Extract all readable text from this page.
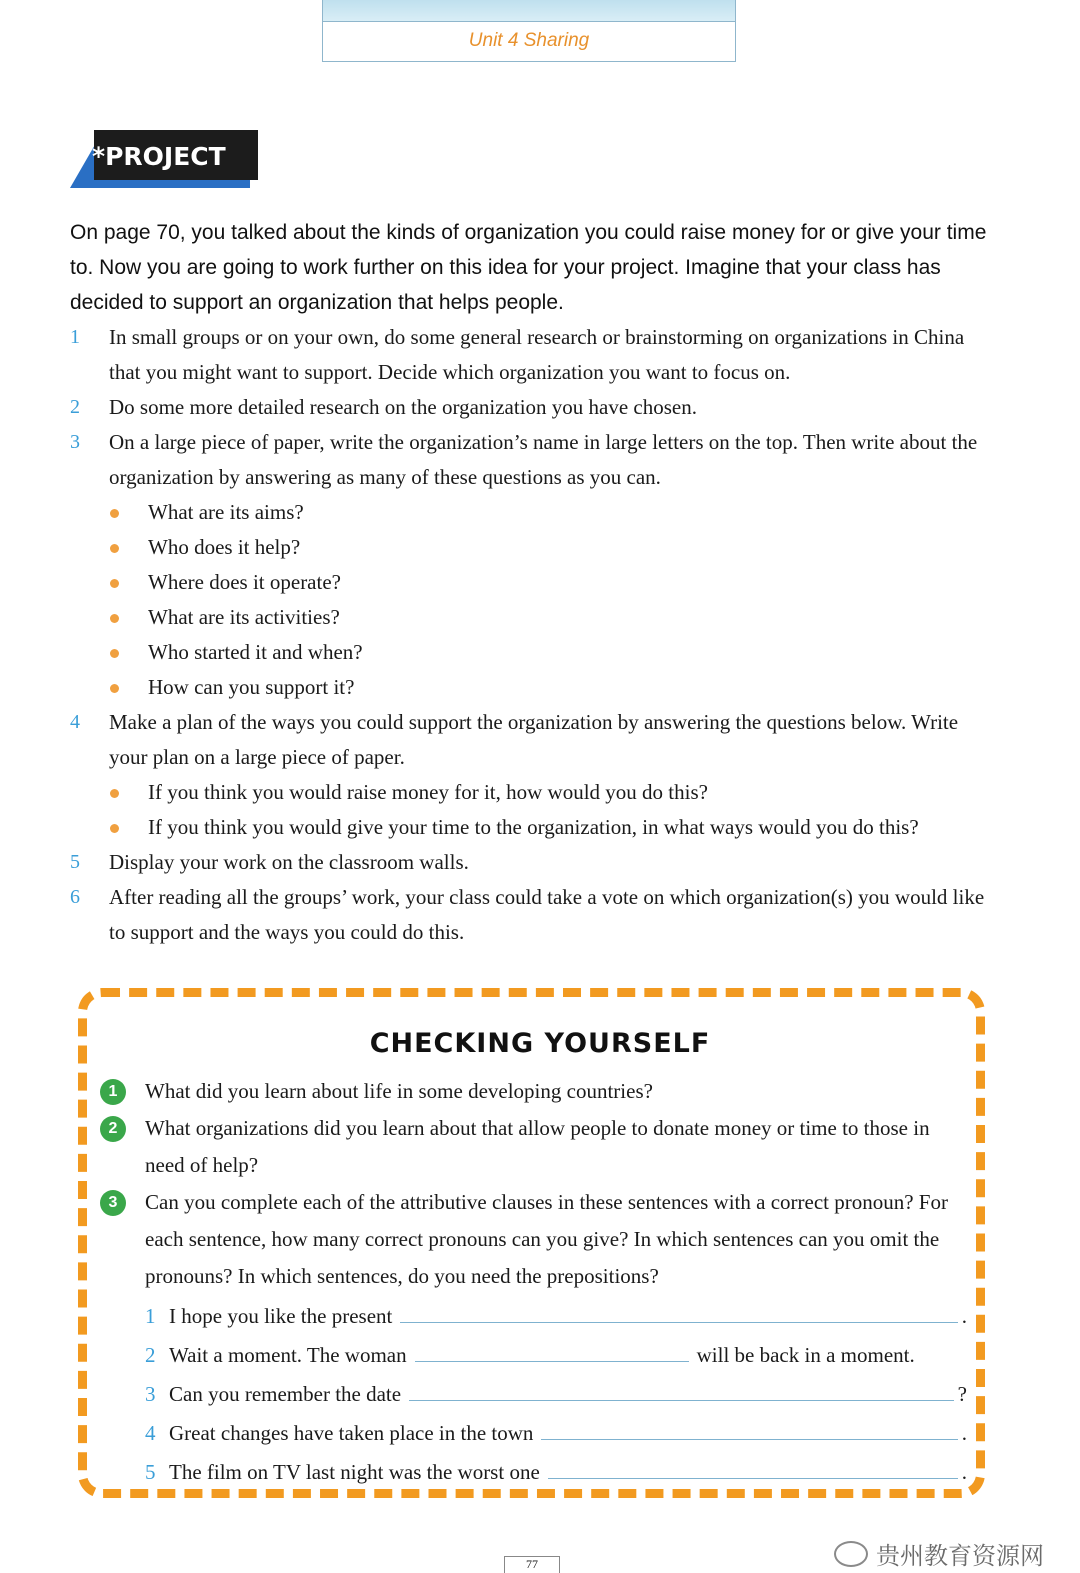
Unit 4 Sharing
*PROJECT
On page 70, you talked about the kinds of organization you could raise money for or give your time to. Now you are going to work further on this idea for your project. Imagine that your class has decided to support an organization that helps people.
1 In small groups or on your own, do some general research or brainstorming on organizations in China that you might want to support. Decide which organization you want to focus on.
2 Do some more detailed research on the organization you have chosen.
3 On a large piece of paper, write the organization’s name in large letters on the top. Then write about the organization by answering as many of these questions as you can.
What are its aims?
Who does it help?
Where does it operate?
What are its activities?
Who started it and when?
How can you support it?
4 Make a plan of the ways you could support the organization by answering the questions below. Write your plan on a large piece of paper.
If you think you would raise money for it, how would you do this?
If you think you would give your time to the organization, in what ways would you do this?
5 Display your work on the classroom walls.
6 After reading all the groups’ work, your class could take a vote on which organization(s) you would like to support and the ways you could do this.
CHECKING YOURSELF
1	What did you learn about life in some developing countries?
2	What organizations did you learn about that allow people to donate money or time to those in need of help?
3	Can you complete each of the attributive clauses in these sentences with a correct pronoun? For each sentence, how many correct pronouns can you give? In which sentences can you omit the pronouns? In which sentences, do you need the prepositions?
1 I hope you like the present	.
2 Wait a moment. The woman	will be back in a moment.
3 Can you remember the date	?
4 Great changes have taken place in the town	.
5 The film on TV last night was the worst one	.
77	贵州教育资源网
